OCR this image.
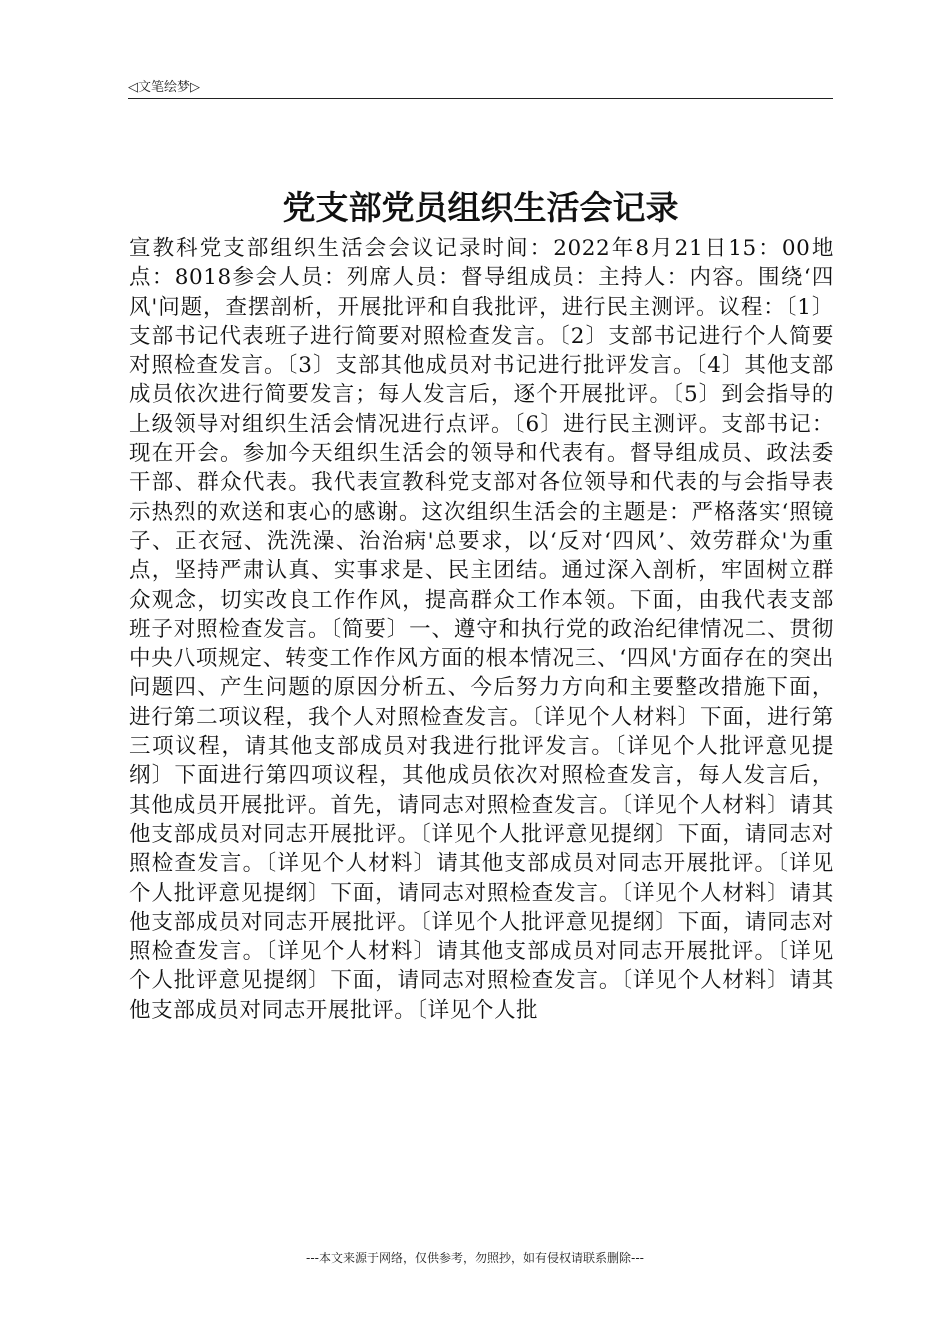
◁文笔绘梦▷
党支部党员组织生活会记录

宣教科党支部组织生活会会议记录时间：2022年8月21日15：00地点：8018参会人员：列席人员：督导组成员：主持人：内容。围绕‘四风'问题，查摆剖析，开展批评和自我批评，进行民主测评。议程：〔1〕支部书记代表班子进行简要对照检查发言。〔2〕支部书记进行个人简要对照检查发言。〔3〕支部其他成员对书记进行批评发言。〔4〕其他支部成员依次进行简要发言；每人发言后，逐个开展批评。〔5〕到会指导的上级领导对组织生活会情况进行点评。〔6〕进行民主测评。支部书记：现在开会。参加今天组织生活会的领导和代表有。督导组成员、政法委干部、群众代表。我代表宣教科党支部对各位领导和代表的与会指导表示热烈的欢送和衷心的感谢。这次组织生活会的主题是：严格落实‘照镜子、正衣冠、洗洗澡、治治病'总要求，以‘反对‘四风’、效劳群众'为重点，坚持严肃认真、实事求是、民主团结。通过深入剖析，牢固树立群众观念，切实改良工作作风，提高群众工作本领。下面，由我代表支部班子对照检查发言。〔简要〕一、遵守和执行党的政治纪律情况二、贯彻中央八项规定、转变工作作风方面的根本情况三、‘四风'方面存在的突出问题四、产生问题的原因分析五、今后努力方向和主要整改措施下面，进行第二项议程，我个人对照检查发言。〔详见个人材料〕下面，进行第三项议程，请其他支部成员对我进行批评发言。〔详见个人批评意见提纲〕下面进行第四项议程，其他成员依次对照检查发言，每人发言后，其他成员开展批评。首先，请同志对照检查发言。〔详见个人材料〕请其他支部成员对同志开展批评。〔详见个人批评意见提纲〕下面，请同志对照检查发言。〔详见个人材料〕请其他支部成员对同志开展批评。〔详见个人批评意见提纲〕下面，请同志对照检查发言。〔详见个人材料〕请其他支部成员对同志开展批评。〔详见个人批评意见提纲〕下面，请同志对照检查发言。〔详见个人材料〕请其他支部成员对同志开展批评。〔详见个人批评意见提纲〕下面，请同志对照检查发言。〔详见个人材料〕请其他支部成员对同志开展批评。〔详见个人批

---本文来源于网络，仅供参考，勿照抄，如有侵权请联系删除---
